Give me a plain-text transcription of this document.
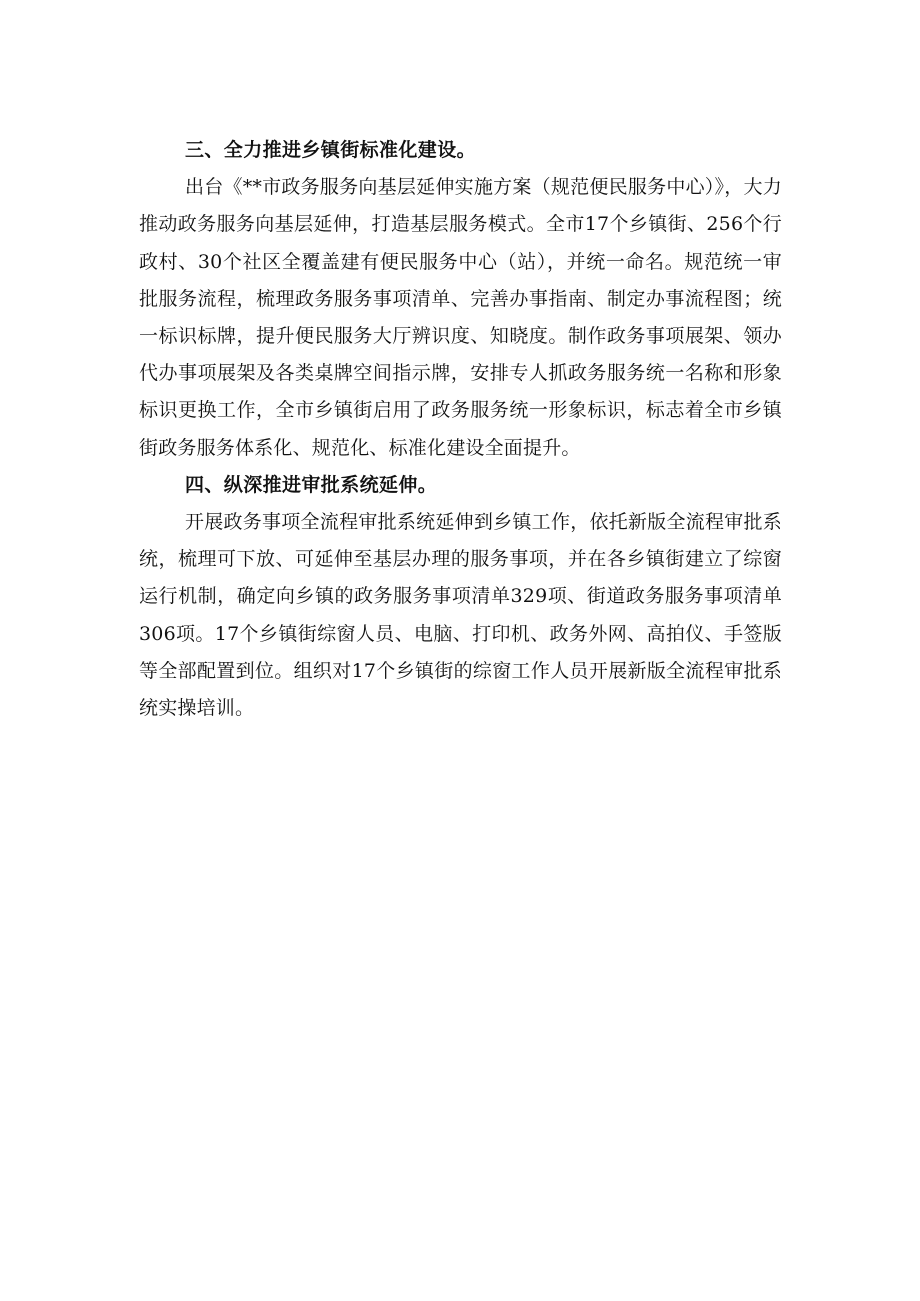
三、全力推进乡镇街标准化建设。

出台《**市政务服务向基层延伸实施方案（规范便民服务中心）》，大力推动政务服务向基层延伸，打造基层服务模式。全市17个乡镇街、256个行政村、30个社区全覆盖建有便民服务中心（站），并统一命名。规范统一审批服务流程，梳理政务服务事项清单、完善办事指南、制定办事流程图；统一标识标牌，提升便民服务大厅辨识度、知晓度。制作政务事项展架、领办代办事项展架及各类桌牌空间指示牌，安排专人抓政务服务统一名称和形象标识更换工作，全市乡镇街启用了政务服务统一形象标识，标志着全市乡镇街政务服务体系化、规范化、标准化建设全面提升。

四、纵深推进审批系统延伸。

开展政务事项全流程审批系统延伸到乡镇工作，依托新版全流程审批系统，梳理可下放、可延伸至基层办理的服务事项，并在各乡镇街建立了综窗运行机制，确定向乡镇的政务服务事项清单329项、街道政务服务事项清单306项。17个乡镇街综窗人员、电脑、打印机、政务外网、高拍仪、手签版等全部配置到位。组织对17个乡镇街的综窗工作人员开展新版全流程审批系统实操培训。
